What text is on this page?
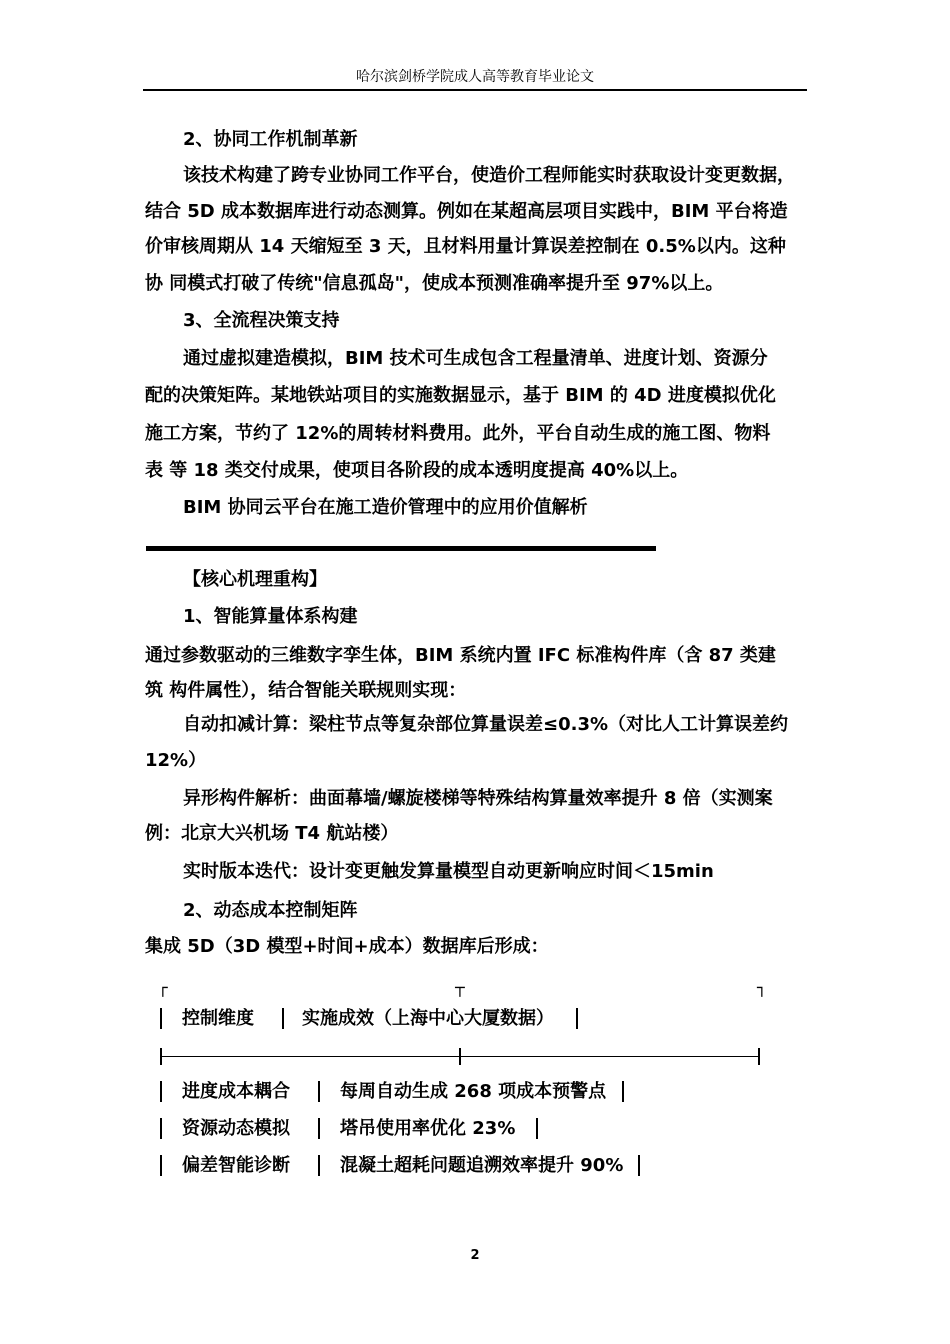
哈尔滨剑桥学院成人高等教育毕业论文
2、协同工作机制革新
该技术构建了跨专业协同工作平台，使造价工程师能实时获取设计变更数据，
结合 5D 成本数据库进行动态测算。例如在某超高层项目实践中，BIM 平台将造
价审核周期从 14 天缩短至 3 天，且材料用量计算误差控制在 0.5%以内。这种
协 同模式打破了传统"信息孤岛"，使成本预测准确率提升至 97%以上。
3、全流程决策支持
通过虚拟建造模拟，BIM 技术可生成包含工程量清单、进度计划、资源分
配的决策矩阵。某地铁站项目的实施数据显示，基于 BIM 的 4D 进度模拟优化
施工方案，节约了 12%的周转材料费用。此外，平台自动生成的施工图、物料
表 等 18 类交付成果，使项目各阶段的成本透明度提高 40%以上。
BIM 协同云平台在施工造价管理中的应用价值解析
【核心机理重构】
1、智能算量体系构建
通过参数驱动的三维数字孪生体，BIM 系统内置 IFC 标准构件库（含 87 类建
筑 构件属性），结合智能关联规则实现：
自动扣减计算：梁柱节点等复杂部位算量误差≤0.3%（对比人工计算误差约
12%）
异形构件解析：曲面幕墙/螺旋楼梯等特殊结构算量效率提升 8 倍（实测案
例：北京大兴机场 T4 航站楼）
实时版本迭代：设计变更触发算量模型自动更新响应时间＜15min
2、动态成本控制矩阵
集成 5D（3D 模型+时间+成本）数据库后形成：
┌	┬	┐
控制维度	实施成效（上海中心大厦数据）
进度成本耦合	每周自动生成 268 项成本预警点
资源动态模拟	塔吊使用率优化 23%
偏差智能诊断	混凝土超耗问题追溯效率提升 90%
2
